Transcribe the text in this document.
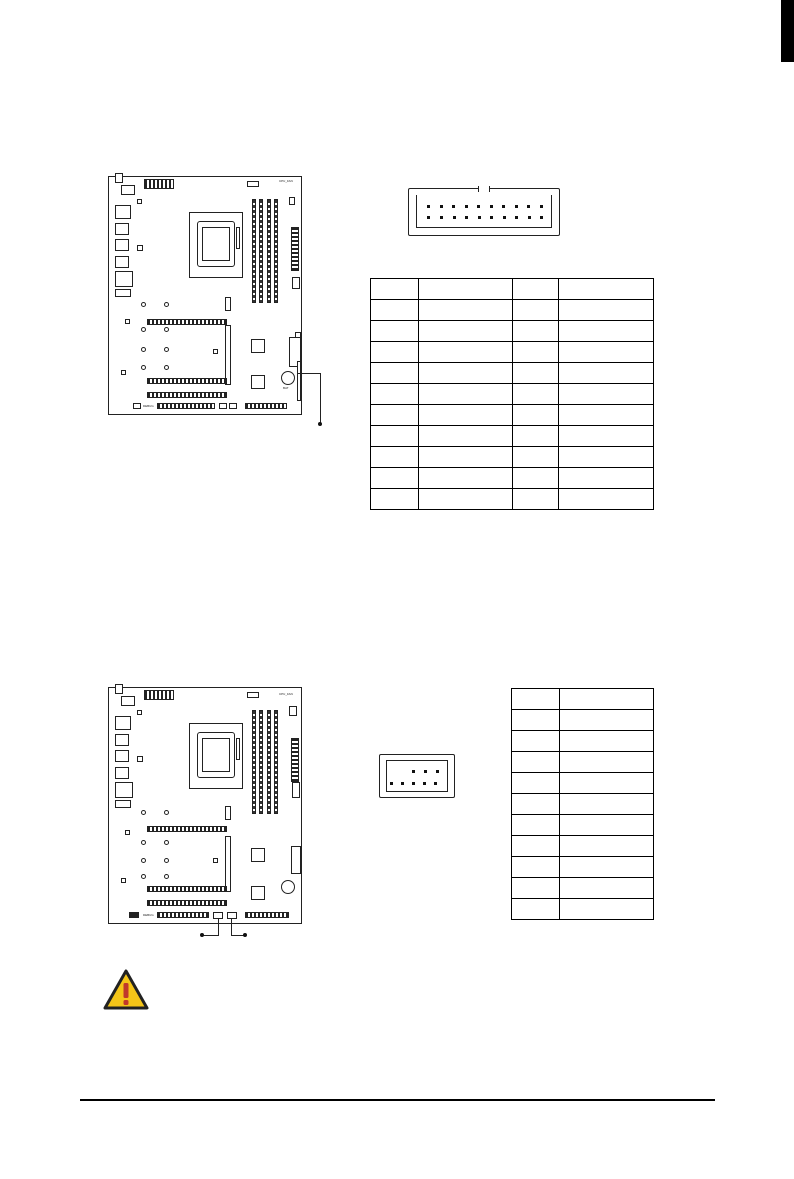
CPU_FAN
BAT
DEBUG

CPU_FAN
DEBUG
